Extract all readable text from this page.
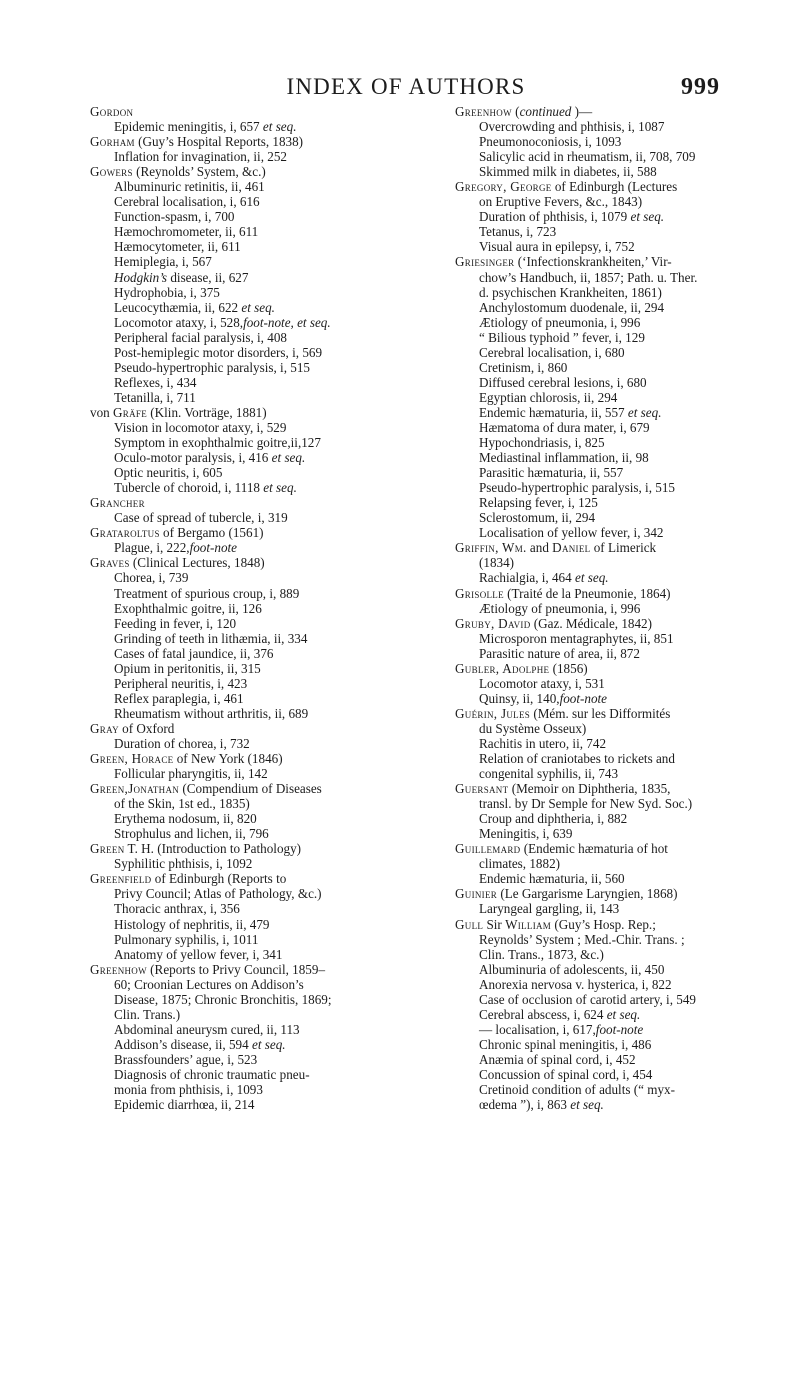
INDEX OF AUTHORS	999
Gordon
Epidemic meningitis, i, 657 et seq.
Gorham (Guy’s Hospital Reports, 1838)
Inflation for invagination, ii, 252
Gowers (Reynolds’ System, &c.)
Albuminuric retinitis, ii, 461
Cerebral localisation, i, 616
Function-spasm, i, 700
Hæmochromometer, ii, 611
Hæmocytometer, ii, 611
Hemiplegia, i, 567
Hodgkin’s disease, ii, 627
Hydrophobia, i, 375
Leucocythæmia, ii, 622 et seq.
Locomotor ataxy, i, 528,foot-note, et seq.
Peripheral facial paralysis, i, 408
Post-hemiplegic motor disorders, i, 569
Pseudo-hypertrophic paralysis, i, 515
Reflexes, i, 434
Tetanilla, i, 711
von Gräfe (Klin. Vorträge, 1881)
Vision in locomotor ataxy, i, 529
Symptom in exophthalmic goitre,ii,127
Oculo-motor paralysis, i, 416 et seq.
Optic neuritis, i, 605
Tubercle of choroid, i, 1118 et seq.
Grancher
Case of spread of tubercle, i, 319
Grataroltus of Bergamo (1561)
Plague, i, 222,foot-note
Graves (Clinical Lectures, 1848)
Chorea, i, 739
Treatment of spurious croup, i, 889
Exophthalmic goitre, ii, 126
Feeding in fever, i, 120
Grinding of teeth in lithæmia, ii, 334
Cases of fatal jaundice, ii, 376
Opium in peritonitis, ii, 315
Peripheral neuritis, i, 423
Reflex paraplegia, i, 461
Rheumatism without arthritis, ii, 689
Gray of Oxford
Duration of chorea, i, 732
Green, Horace of New York (1846)
Follicular pharyngitis, ii, 142
Green,Jonathan (Compendium of Diseases
of the Skin, 1st ed., 1835)
Erythema nodosum, ii, 820
Strophulus and lichen, ii, 796
Green T. H. (Introduction to Pathology)
Syphilitic phthisis, i, 1092
Greenfield of Edinburgh (Reports to
Privy Council; Atlas of Pathology, &c.)
Thoracic anthrax, i, 356
Histology of nephritis, ii, 479
Pulmonary syphilis, i, 1011
Anatomy of yellow fever, i, 341
Greenhow (Reports to Privy Council, 1859–
60; Croonian Lectures on Addison’s
Disease, 1875; Chronic Bronchitis, 1869;
Clin. Trans.)
Abdominal aneurysm cured, ii, 113
Addison’s disease, ii, 594 et seq.
Brassfounders’ ague, i, 523
Diagnosis of chronic traumatic pneu-
monia from phthisis, i, 1093
Epidemic diarrhœa, ii, 214
Greenhow (continued )—
Overcrowding and phthisis, i, 1087
Pneumonoconiosis, i, 1093
Salicylic acid in rheumatism, ii, 708, 709
Skimmed milk in diabetes, ii, 588
Gregory, George of Edinburgh (Lectures
on Eruptive Fevers, &c., 1843)
Duration of phthisis, i, 1079 et seq.
Tetanus, i, 723
Visual aura in epilepsy, i, 752
Griesinger (‘Infectionskrankheiten,’ Vir-
chow’s Handbuch, ii, 1857; Path. u. Ther.
d. psychischen Krankheiten, 1861)
Anchylostomum duodenale, ii, 294
Ætiology of pneumonia, i, 996
“ Bilious typhoid ” fever, i, 129
Cerebral localisation, i, 680
Cretinism, i, 860
Diffused cerebral lesions, i, 680
Egyptian chlorosis, ii, 294
Endemic hæmaturia, ii, 557 et seq.
Hæmatoma of dura mater, i, 679
Hypochondriasis, i, 825
Mediastinal inflammation, ii, 98
Parasitic hæmaturia, ii, 557
Pseudo-hypertrophic paralysis, i, 515
Relapsing fever, i, 125
Sclerostomum, ii, 294
Localisation of yellow fever, i, 342
Griffin, Wm. and Daniel of Limerick
(1834)
Rachialgia, i, 464 et seq.
Grisolle (Traité de la Pneumonie, 1864)
Ætiology of pneumonia, i, 996
Gruby, David (Gaz. Médicale, 1842)
Microsporon mentagraphytes, ii, 851
Parasitic nature of area, ii, 872
Gubler, Adolphe (1856)
Locomotor ataxy, i, 531
Quinsy, ii, 140,foot-note
Guérin, Jules (Mém. sur les Difformités
du Système Osseux)
Rachitis in utero, ii, 742
Relation of craniotabes to rickets and
congenital syphilis, ii, 743
Guersant (Memoir on Diphtheria, 1835,
transl. by Dr Semple for New Syd. Soc.)
Croup and diphtheria, i, 882
Meningitis, i, 639
Guillemard (Endemic hæmaturia of hot
climates, 1882)
Endemic hæmaturia, ii, 560
Guinier (Le Gargarisme Laryngien, 1868)
Laryngeal gargling, ii, 143
Gull Sir William (Guy’s Hosp. Rep.;
Reynolds’ System ; Med.-Chir. Trans. ;
Clin. Trans., 1873, &c.)
Albuminuria of adolescents, ii, 450
Anorexia nervosa v. hysterica, i, 822
Case of occlusion of carotid artery, i, 549
Cerebral abscess, i, 624 et seq.
— localisation, i, 617,foot-note
Chronic spinal meningitis, i, 486
Anæmia of spinal cord, i, 452
Concussion of spinal cord, i, 454
Cretinoid condition of adults (“ myx-
œdema ”), i, 863 et seq.
